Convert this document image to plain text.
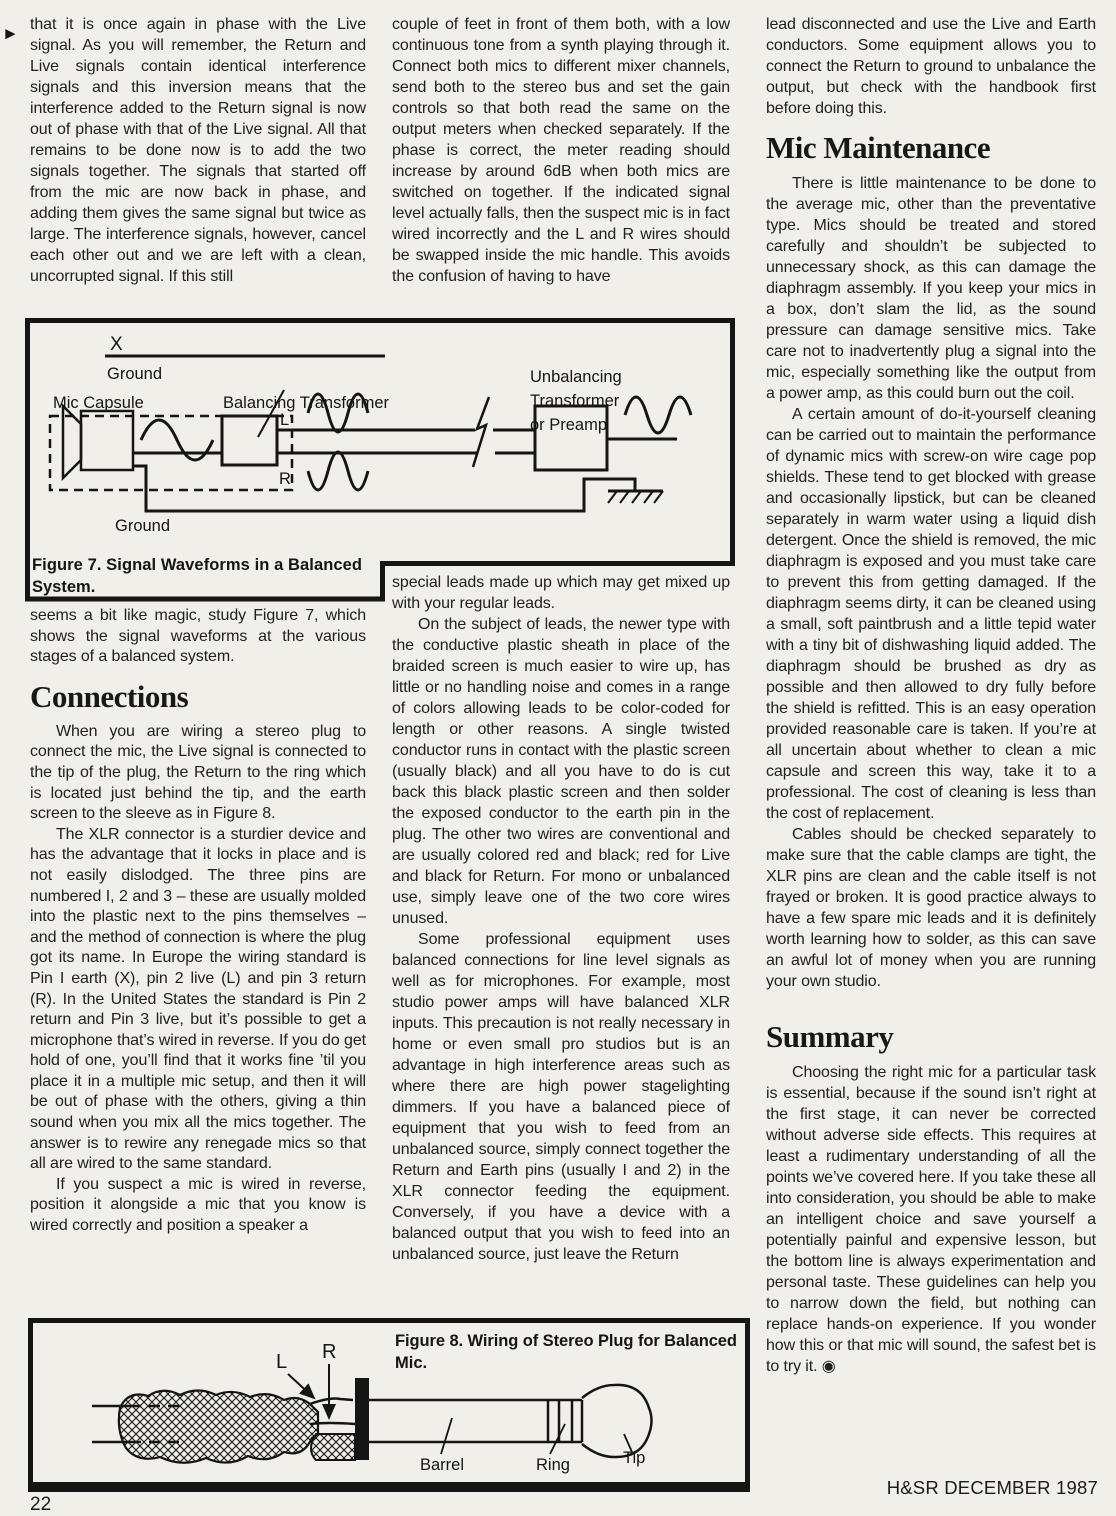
► that it is once again in phase with the Live signal. As you will remember, the Return and Live signals contain identical interference signals and this inversion means that the interference added to the Return signal is now out of phase with that of the Live signal. All that remains to be done now is to add the two signals together. The signals that started off from the mic are now back in phase, and adding them gives the same signal but twice as large. The interference signals, however, cancel each other out and we are left with a clean, uncorrupted signal. If this still

couple of feet in front of them both, with a low continuous tone from a synth playing through it. Connect both mics to different mixer channels, send both to the stereo bus and set the gain controls so that both read the same on the output meters when checked separately. If the phase is correct, the meter reading should increase by around 6dB when both mics are switched on together. If the indicated signal level actually falls, then the suspect mic is in fact wired incorrectly and the L and R wires should be swapped inside the mic handle. This avoids the confusion of having to have

X
Ground
Mic Capsule	Balancing Transformer
Unbalancing
Transformer
or Preamp
L
R
Ground
Figure 7. Signal Waveforms in a Balanced
System.

seems a bit like magic, study Figure 7, which shows the signal waveforms at the various stages of a balanced system.

Connections

When you are wiring a stereo plug to connect the mic, the Live signal is connected to the tip of the plug, the Return to the ring which is located just behind the tip, and the earth screen to the sleeve as in Figure 8.

The XLR connector is a sturdier device and has the advantage that it locks in place and is not easily dislodged. The three pins are numbered I, 2 and 3 – these are usually molded into the plastic next to the pins themselves – and the method of connection is where the plug got its name. In Europe the wiring standard is Pin I earth (X), pin 2 live (L) and pin 3 return (R). In the United States the standard is Pin 2 return and Pin 3 live, but it’s possible to get a microphone that’s wired in reverse. If you do get hold of one, you’ll find that it works fine ’til you place it in a multiple mic setup, and then it will be out of phase with the others, giving a thin sound when you mix all the mics together. The answer is to rewire any renegade mics so that all are wired to the same standard.

If you suspect a mic is wired in reverse, position it alongside a mic that you know is wired correctly and position a speaker a

special leads made up which may get mixed up with your regular leads.

On the subject of leads, the newer type with the conductive plastic sheath in place of the braided screen is much easier to wire up, has little or no handling noise and comes in a range of colors allowing leads to be color-coded for length or other reasons. A single twisted conductor runs in contact with the plastic screen (usually black) and all you have to do is cut back this black plastic screen and then solder the exposed conductor to the earth pin in the plug. The other two wires are conventional and are usually colored red and black; red for Live and black for Return. For mono or unbalanced use, simply leave one of the two core wires unused.

Some professional equipment uses balanced connections for line level signals as well as for microphones. For example, most studio power amps will have balanced XLR inputs. This precaution is not really necessary in home or even small pro studios but is an advantage in high interference areas such as where there are high power stagelighting dimmers. If you have a balanced piece of equipment that you wish to feed from an unbalanced source, simply connect together the Return and Earth pins (usually I and 2) in the XLR connector feeding the equipment. Conversely, if you have a device with a balanced output that you wish to feed into an unbalanced source, just leave the Return

lead disconnected and use the Live and Earth conductors. Some equipment allows you to connect the Return to ground to unbalance the output, but check with the handbook first before doing this.

Mic Maintenance

There is little maintenance to be done to the average mic, other than the preventative type. Mics should be treated and stored carefully and shouldn’t be subjected to unnecessary shock, as this can damage the diaphragm assembly. If you keep your mics in a box, don’t slam the lid, as the sound pressure can damage sensitive mics. Take care not to inadvertently plug a signal into the mic, especially something like the output from a power amp, as this could burn out the coil.

A certain amount of do-it-yourself cleaning can be carried out to maintain the performance of dynamic mics with screw-on wire cage pop shields. These tend to get blocked with grease and occasionally lipstick, but can be cleaned separately in warm water using a liquid dish detergent. Once the shield is removed, the mic diaphragm is exposed and you must take care to prevent this from getting damaged. If the diaphragm seems dirty, it can be cleaned using a small, soft paintbrush and a little tepid water with a tiny bit of dishwashing liquid added. The diaphragm should be brushed as dry as possible and then allowed to dry fully before the shield is refitted. This is an easy operation provided reasonable care is taken. If you’re at all uncertain about whether to clean a mic capsule and screen this way, take it to a professional. The cost of cleaning is less than the cost of replacement.

Cables should be checked separately to make sure that the cable clamps are tight, the XLR pins are clean and the cable itself is not frayed or broken. It is good practice always to have a few spare mic leads and it is definitely worth learning how to solder, as this can save an awful lot of money when you are running your own studio.

Summary

Choosing the right mic for a particular task is essential, because if the sound isn’t right at the first stage, it can never be corrected without adverse side effects. This requires at least a rudimentary understanding of all the points we’ve covered here. If you take these all into consideration, you should be able to make an intelligent choice and save yourself a potentially painful and expensive lesson, but the bottom line is always experimentation and personal taste. These guidelines can help you to narrow down the field, but nothing can replace hands-on experience. If you wonder how this or that mic will sound, the safest bet is to try it. ◉

Figure 8. Wiring of Stereo Plug for Balanced
Mic.
L R
Barrel	Ring	Tip
H&SR DECEMBER 1987
22
